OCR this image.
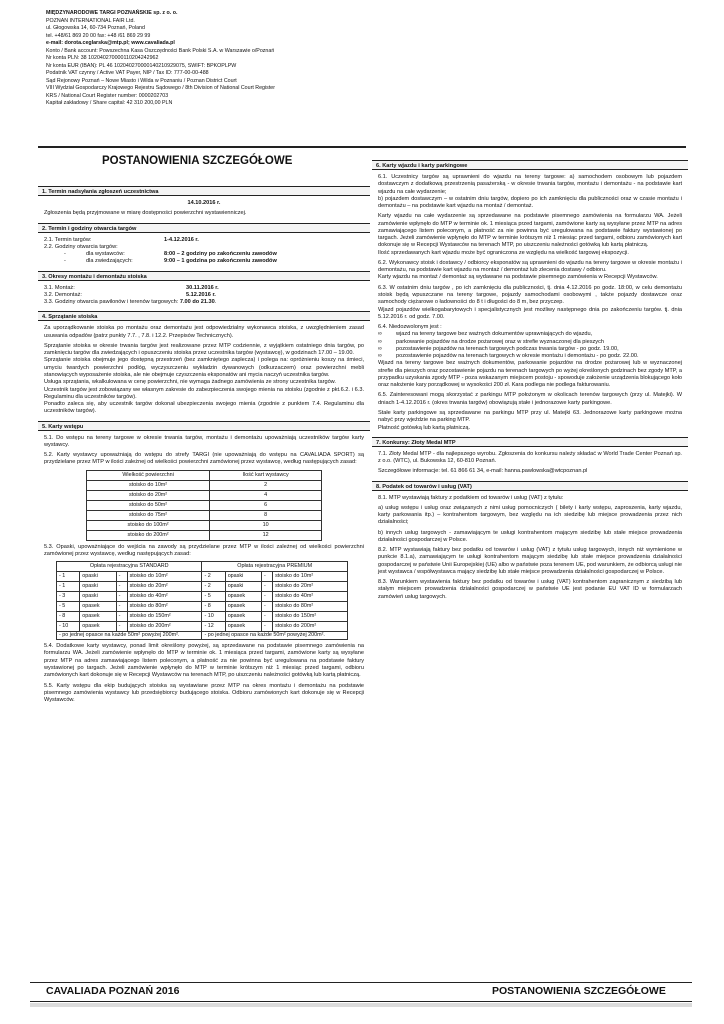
MIĘDZYNARODOWE TARGI POZNAŃSKIE sp. z o. o.
POZNAN INTERNATIONAL FAIR Ltd.
ul. Głogowska 14, 60-734 Poznań, Poland
tel. +48/61 869 20 00 fax: +48 /61 869 29 99
e-mail: dorota.ceglarska@mtp.pl; www.cavaliada.pl
Konto / Bank account: Powszechna Kasa Oszczędności Bank Polski S.A. w Warszawie o/Poznań
Nr konta PLN: 38 102040270000110204242962
Nr konta EUR (IBAN): PL 46 102040270000140210929075, SWIFT: BPKOPLPW
Podatnik VAT czynny / Active VAT Payer, NIP / Tax ID: 777-00-00-488
Sąd Rejonowy Poznań – Nowe Miasto i Wilda w Poznaniu / Poznan District Court
VIII Wydział Gospodarczy Krajowego Rejestru Sądowego / 8th Division of National Court Register
KRS / National Court Register number: 0000202703
Kapitał zakładowy / Share capital: 42 310 200,00 PLN
POSTANOWIENIA SZCZEGÓŁOWE
1. Termin nadsyłania zgłoszeń uczestnictwa
14.10.2016 r.
Zgłoszenia będą przyjmowane w miarę dostępności powierzchni wystawienniczej.
2. Termin i godziny otwarcia targów
2.1. Termin targów:	1-4.12.2016 r.
2.2. Godziny otwarcia targów:
-	dla wystawców:	8:00 – 2 godziny po zakończeniu zawodów
-	dla zwiedzających:	9:00 – 1 godzina po zakończeniu zawodów
3. Okresy montażu i demontażu stoiska
3.1. Montaż:	30.11.2016 r.
3.2. Demontaż:	5.12.2016 r.
3.3. Godziny otwarcia pawilonów i terenów targowych:
7.00 do 21.30 .
4. Sprzątanie stoiska
Za uporządkowanie stoiska po montażu oraz demontażu jest odpowiedzialny wykonawca stoiska, z uwzględnieniem zasad usuwania odpadów (patrz punkty 7.7. , 7.8. i 12.2. Przepisów Technicznych).
Sprzątanie stoiska w okresie trwania targów jest realizowane przez MTP codziennie, z wyjątkiem ostatniego dnia targów, po zamknięciu targów dla zwiedzających i opuszczeniu stoiska przez uczestnika targów (wystawcę), w godzinach 17.00 – 19.00.
Sprzątanie stoiska obejmuje jego dostępną przestrzeń (bez zamkniętego zaplecza) i polega na: opróżnieniu koszy na śmieci, umyciu twardych powierzchni podłóg, wyczyszczeniu wykładzin dywanowych (odkurzaczem) oraz powierzchni mebli stanowiących wyposażenie stoiska, ale nie obejmuje czyszczenia eksponatów ani mycia naczyń uczestnika targów.
Usługa sprzątania, wkalkulowana w cenę powierzchni, nie wymaga żadnego zamówienia ze strony uczestnika targów.
Uczestnik targów jest zobowiązany we własnym zakresie do zabezpieczenia swojego mienia na stoisku (zgodnie z pkt.6.2. i 6.3. Regulaminu dla uczestników targów).
Ponadto zaleca się, aby uczestnik targów dokonał ubezpieczenia swojego mienia (zgodnie z punktem 7.4. Regulaminu dla uczestników targów).
5. Karty wstępu
5.1. Do wstępu na tereny targowe w okresie trwania targów, montażu i demontażu upoważniają uczestników targów karty wystawcy.
5.2. Karty wystawcy upoważniają do wstępu do strefy TARGI (nie upoważniają do wstępu na CAVALIADA SPORT) są przydzielane przez MTP w ilości zależnej od wielkości powierzchni zamówionej przez wystawcę, według następujących zasad:
Wielkość powierzchni	Ilość kart wystawcy
stoisko do 10m²	2
stoisko do 20m²	4
stoisko do 50m²	6
stoisko do 75m²	8
stoisko do 100m²	10
stoisko do 200m²	12
5.3. Opaski, upoważniające do wejścia na zawody są przydzielane przez MTP w ilości zależnej od wielkości powierzchni zamówionej przez wystawcę, według następujących zasad:
Opłata rejestracyjna STANDARD				Opłata rejestracyjna PREMIUM			
- 1	opaski	-	stoisko do 10m²	- 2	opaski	-	stoisko do 10m²
- 1	opaski	-	stoisko do 20m²	- 2	opaski	-	stoisko do 20m²
- 3	opaski	-	stoisko do 40m²	- 5	opasek	-	stoisko do 40m²
- 5	opasek	-	stoisko do 80m²	- 8	opasek	-	stoisko do 80m²
- 8	opasek	-	stoisko do 150m²	- 10	opasek	-	stoisko do 150m²
- 10	opasek	-	stoisko do 200m²	- 12	opasek	-	stoisko do 200m²
- po jednej opasce na każde 50m² powyżej 200m².				- po jednej opasce na każde 50m² powyżej 200m².			
5.4. Dodatkowe karty wystawcy, ponad limit określony powyżej, są sprzedawane na podstawie pisemnego zamówienia na formularzu WA. Jeżeli zamówienie wpłynęło do MTP w terminie ok. 1 miesiąca przed targami, zamówione karty są wysyłane przez MTP na adres zamawiającego listem poleconym, a płatność za nie powinna być uregulowana na podstawie faktury wystawionej po targach. Jeżeli zamówienie wpłynęło do MTP w terminie krótszym niż 1 miesiąc przed targami, odbioru zamówionych kart dokonuje się w Recepcji Wystawców na terenach MTP, po uiszczeniu należności gotówką lub kartą płatniczą.
5.5. Karty wstępu dla ekip budujących stoiska są wystawiane przez MTP na okres montażu i demontażu na podstawie pisemnego zamówienia wystawcy lub przedsiębiorcy budującego stoiska. Odbioru zamówionych kart dokonuje się w Recepcji Wystawców.
6. Karty wjazdu i karty parkingowe
6.1. Uczestnicy targów są uprawnieni do wjazdu na tereny targowe: a) samochodem osobowym lub pojazdem dostawczym z dodatkową przestrzenią pasażerską - w okresie trwania targów, montażu i demontażu - na podstawie kart wjazdu na całe wydarzenie;
b) pojazdem dostawczym – w ostatnim dniu targów, dopiero po ich zamknięciu dla publiczności oraz w czasie montażu i demontażu – na podstawie kart wjazdu na montaż / demontaż.
Karty wjazdu na całe wydarzenie są sprzedawane na podstawie pisemnego zamówienia na formularzu WA. Jeżeli zamówienie wpłynęło do MTP w terminie ok. 1 miesiąca przed targami, zamówione karty są wysyłane przez MTP na adres zamawiającego listem poleconym, a płatność za nie powinna być uregulowana na podstawie faktury wystawionej po targach. Jeżeli zamówienie wpłynęło do MTP w terminie krótszym niż 1 miesiąc przed targami, odbioru zamówionych kart dokonuje się w Recepcji Wystawców na terenach MTP, po uiszczeniu należności gotówką lub kartą płatniczą.
Ilość sprzedawanych kart wjazdu może być ograniczona ze względu na wielkość targowej ekspozycji.
6.2. Wykonawcy stoisk i dostawcy / odbiorcy eksponatów są uprawnieni do wjazdu na tereny targowe w okresie montażu i demontażu, na podstawie kart wjazdu na montaż / demontaż lub zlecenia dostawy / odbioru.
Karty wjazdu na montaż / demontaż są wydawane na podstawie pisemnego zamówienia w Recepcji Wystawców.
6.3. W ostatnim dniu targów , po ich zamknięciu dla publiczności, tj. dnia 4.12.2016 po godz. 18:00, w celu demontażu stoisk będą wpuszczane na tereny targowe, pojazdy samochodami osobowymi , także pojazdy dostawcze oraz samochody ciężarowe o ładowności do 8 t i długości do 8 m, bez przyczep.
Wjazd pojazdów wielkogabarytowych i specjalistycznych jest możliwy następnego dnia po zakończeniu targów. tj. dnia 5.12.2016 r. od godz. 7.00.
6.4. Niedozwolonym jest :
∞	wjazd na tereny targowe bez ważnych dokumentów uprawniających do wjazdu,
∞	parkowanie pojazdów na drodze pożarowej oraz w strefie wyznaczonej dla pieszych
∞	pozostawienie pojazdów na terenach targowych podczas trwania targów - po godz. 19.00,
∞	pozostawienie pojazdów na terenach targowych w okresie montażu i demontażu - po godz. 22.00.
Wjazd na tereny targowe bez ważnych dokumentów, parkowanie pojazdów na drodze pożarowej lub w wyznaczonej strefie dla pieszych oraz pozostawienie pojazdu na terenach targowych po wyżej określonych godzinach bez zgody MTP, a przypadku uzyskania zgody MTP - poza wskazanym miejscem postoju - spowoduje założenie urządzenia blokującego koło oraz nałożenie kary porządkowej w wysokości 200 zł. Kara podlega nie podlega fakturowaniu.
6.5. Zainteresowani mogą skorzystać z parkingu MTP położonym w okolicach terenów targowych (przy ul. Matejki). W dniach 1-4.12.2016 r. (okres trwania targów) obowiązują stałe i jednorazowe karty parkingowe.
Stałe karty parkingowe są sprzedawane na parkingu MTP przy ul. Matejki 63. Jednorazowe karty parkingowe można nabyć przy wjeździe na parking MTP.
Płatność gotówką lub kartą płatniczą.
7. Konkursy: Złoty Medal MTP
7.1. Złoty Medal MTP - dla najlepszego wyrobu. Zgłoszenia do konkursu należy składać w World Trade Center Poznań sp. z o.o. (WTC), ul. Bukowska 12, 60-810 Poznań.
Szczegółowe informacje: tel. 61 866 61 34, e-mail: hanna.pawlowska@wtcpoznan.pl
8. Podatek od towarów i usług (VAT)
8.1. MTP wystawiają faktury z podatkiem od towarów i usług (VAT) z tytułu:
a) usług wstępu i usług oraz związanych z nimi usług pomocniczych ( bilety i karty wstępu, zaproszenia, karty wjazdu, karty parkowania itp.) – kontrahentom targowym, bez względu na ich siedzibę lub miejsce prowadzenia przez nich działalności;
b) innych usług targowych - zamawiającym te usługi kontrahentom mającym siedzibę lub stałe miejsce prowadzenia działalności gospodarczej w Polsce.
8.2. MTP wystawiają faktury bez podatku od towarów i usług (VAT) z tytułu usług targowych, innych niż wymienione w punkcie 8.1.a), zamawiającym te usługi kontrahentom mającym siedzibę lub stałe miejsce prowadzenia działalności gospodarczej w państwie Unii Europejskiej (UE) albo w państwie poza terenem UE, pod warunkiem, że odbiorcą usługi nie jest wystawca / współwystawca mający siedzibę lub stałe miejsce prowadzenia działalności gospodarczej w Polsce.
8.3. Warunkiem wystawienia faktury bez podatku od towarów i usług (VAT) kontrahentom zagranicznym z siedzibą lub stałym miejscem prowadzenia działalności gospodarczej w państwie UE jest podanie EU VAT ID w formularzach zamówień usług targowych.
CAVALIADA POZNAŃ 2016	POSTANOWIENIA SZCZEGÓŁOWE
